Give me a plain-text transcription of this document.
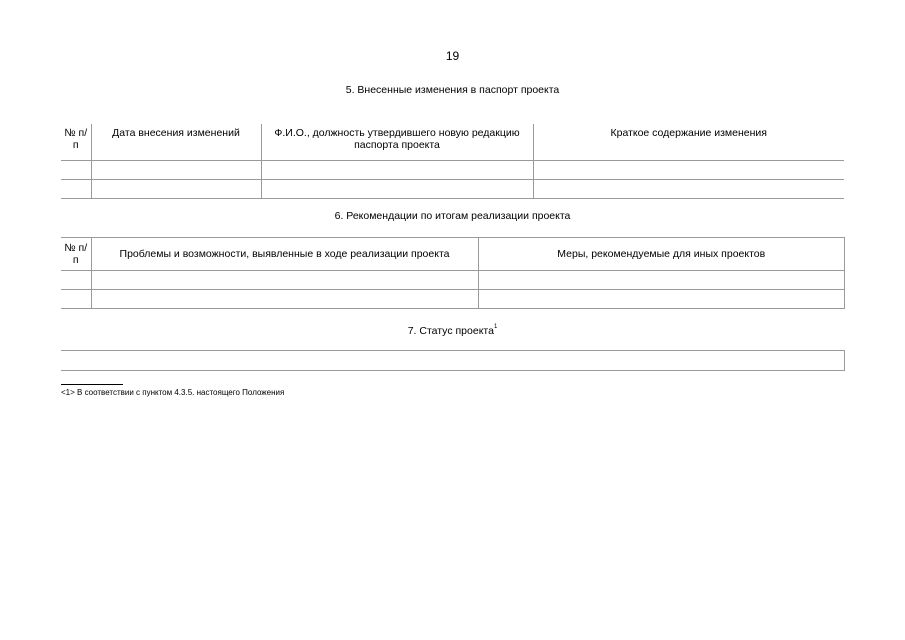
19
5. Внесенные изменения в паспорт проекта
№ п/п	Дата внесения изменений	Ф.И.О., должность утвердившего новую редакцию паспорта проекта	Краткое содержание изменения

6. Рекомендации по итогам реализации проекта
№ п/п	Проблемы и возможности, выявленные в ходе реализации проекта	Меры, рекомендуемые для иных проектов

7. Статус проекта$^1$
<1> В соответствии с пунктом 4.3.5. настоящего Положения
